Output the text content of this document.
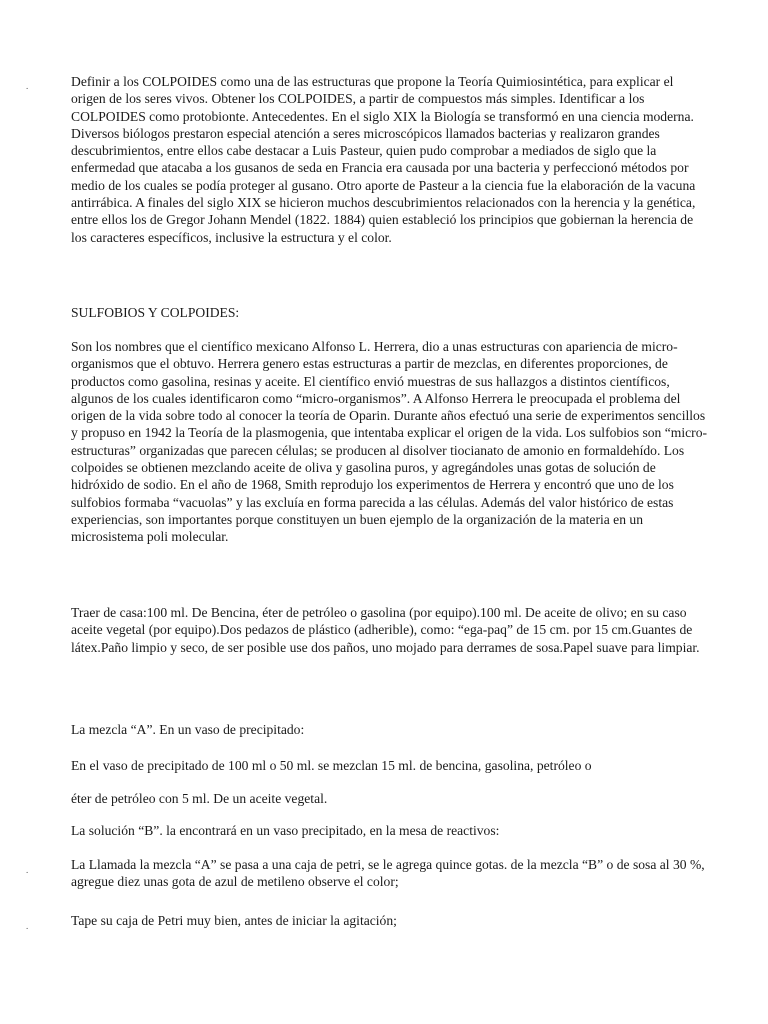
.	Definir a los COLPOIDES como una de las estructuras que propone la Teoría Quimiosintética, para explicar el origen de los seres vivos. Obtener los COLPOIDES, a partir de compuestos más simples. Identificar a los COLPOIDES como protobionte. Antecedentes. En el siglo XIX la Biología se transformó en una ciencia moderna. Diversos biólogos prestaron especial atención a seres microscópicos llamados bacterias y realizaron grandes descubrimientos, entre ellos cabe destacar a Luis Pasteur, quien pudo comprobar a mediados de siglo que la enfermedad que atacaba a los gusanos de seda en Francia era causada por una bacteria y perfeccionó métodos por medio de los cuales se podía proteger al gusano. Otro aporte de Pasteur a la ciencia fue la elaboración de la vacuna antirrábica. A finales del siglo XIX se hicieron muchos descubrimientos relacionados con la herencia y la genética, entre ellos los de Gregor Johann Mendel (1822. 1884) quien estableció los principios que gobiernan la herencia de los caracteres específicos, inclusive la estructura y el color.

SULFOBIOS Y COLPOIDES:

Son los nombres que el científico mexicano Alfonso L. Herrera, dio a unas estructuras con apariencia de micro-organismos que el obtuvo. Herrera genero estas estructuras a partir de mezclas, en diferentes proporciones, de productos como gasolina, resinas y aceite. El científico envió muestras de sus hallazgos a distintos científicos, algunos de los cuales identificaron como “micro-organismos”. A Alfonso Herrera le preocupada el problema del origen de la vida sobre todo al conocer la teoría de Oparin. Durante años efectuó una serie de experimentos sencillos y propuso en 1942 la Teoría de la plasmogenia, que intentaba explicar el origen de la vida. Los sulfobios son “micro-estructuras” organizadas que parecen células; se producen al disolver tiocianato de amonio en formaldehído. Los colpoides se obtienen mezclando aceite de oliva y gasolina puros, y agregándoles unas gotas de solución de hidróxido de sodio. En el año de 1968, Smith reprodujo los experimentos de Herrera y encontró que uno de los sulfobios formaba “vacuolas” y las excluía en forma parecida a las células. Además del valor histórico de estas experiencias, son importantes porque constituyen un buen ejemplo de la organización de la materia en un microsistema poli molecular.

Traer de casa:100 ml. De Bencina, éter de petróleo o gasolina (por equipo).100 ml. De aceite de olivo; en su caso aceite vegetal (por equipo).Dos pedazos de plástico (adherible), como: “ega-paq” de 15 cm. por 15 cm.Guantes de látex.Paño limpio y seco, de ser posible use dos paños, uno mojado para derrames de sosa.Papel suave para limpiar.

La mezcla “A”. En un vaso de precipitado:

En el vaso de precipitado de 100 ml o 50 ml. se mezclan 15 ml. de bencina, gasolina, petróleo o

éter de petróleo con 5 ml. De un aceite vegetal.

La solución “B”. la encontrará en un vaso precipitado, en la mesa de reactivos:

.	La Llamada la mezcla “A” se pasa a una caja de petri, se le agrega quince gotas. de la mezcla “B” o de sosa al 30 %, agregue diez unas gota de azul de metileno observe el color;

.	Tape su caja de Petri muy bien, antes de iniciar la agitación;
